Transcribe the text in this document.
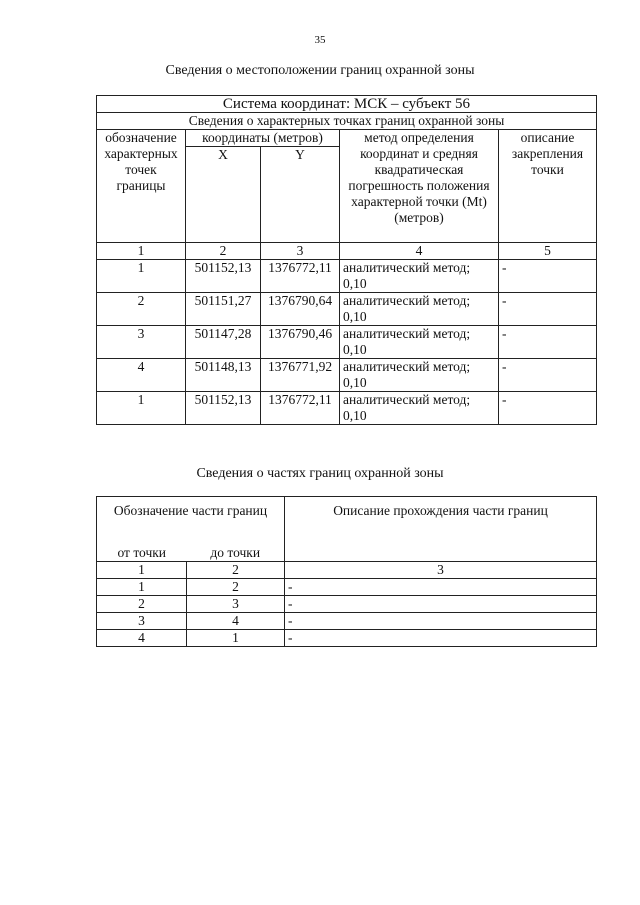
35
Сведения о местоположении границ охранной зоны
Система координат: МСК – субъект 56				
Сведения о характерных точках границ охранной зоны				
обозначение характерных точек границы	координаты (метров)		метод определения координат и средняя квадратическая погрешность положения характерной точки (Mt) (метров)	описание закрепления точки
	X	Y		
1	2	3	4	5
1	501152,13	1376772,11	аналитический метод; 0,10	-
2	501151,27	1376790,64	аналитический метод; 0,10	-
3	501147,28	1376790,46	аналитический метод; 0,10	-
4	501148,13	1376771,92	аналитический метод; 0,10	-
1	501152,13	1376772,11	аналитический метод; 0,10	-
Сведения о частях границ охранной зоны
Обозначение части границ		Описание прохождения части границ
от точки	до точки	
1	2	3
1	2	-
2	3	-
3	4	-
4	1	-
